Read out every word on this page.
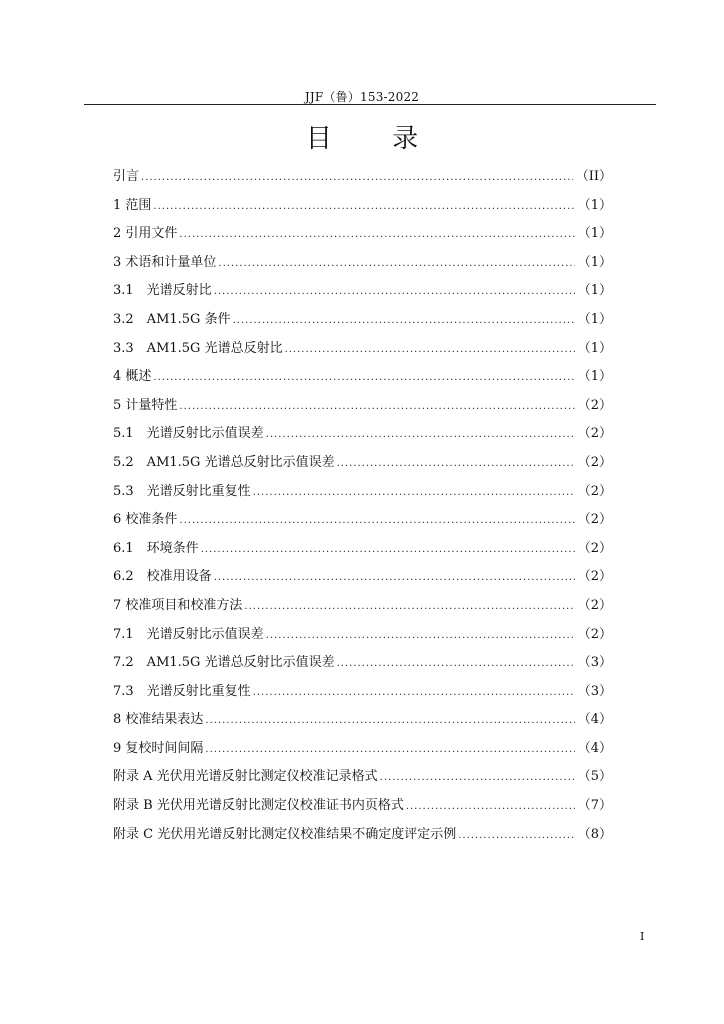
JJF（鲁）153-2022
目 录
引言 .....	（II）
1 范围 .....	（1）
2 引用文件 .....	（1）
3 术语和计量单位 .....	（1）
3.1　光谱反射比 .....	（1）
3.2　AM1.5G 条件 .....	（1）
3.3　AM1.5G 光谱总反射比 .....	（1）
4 概述 .....	（1）
5 计量特性 .....	（2）
5.1　光谱反射比示值误差 .....	（2）
5.2　AM1.5G 光谱总反射比示值误差 .....	（2）
5.3　光谱反射比重复性 .....	（2）
6 校准条件 .....	（2）
6.1　环境条件 .....	（2）
6.2　校准用设备 .....	（2）
7 校准项目和校准方法 .....	（2）
7.1　光谱反射比示值误差 .....	（2）
7.2　AM1.5G 光谱总反射比示值误差 .....	（3）
7.3　光谱反射比重复性 .....	（3）
8 校准结果表达 .....	（4）
9 复校时间间隔 .....	（4）
附录 A 光伏用光谱反射比测定仪校准记录格式 .....	（5）
附录 B 光伏用光谱反射比测定仪校准证书内页格式 .....	（7）
附录 C 光伏用光谱反射比测定仪校准结果不确定度评定示例 .....	（8）
I
